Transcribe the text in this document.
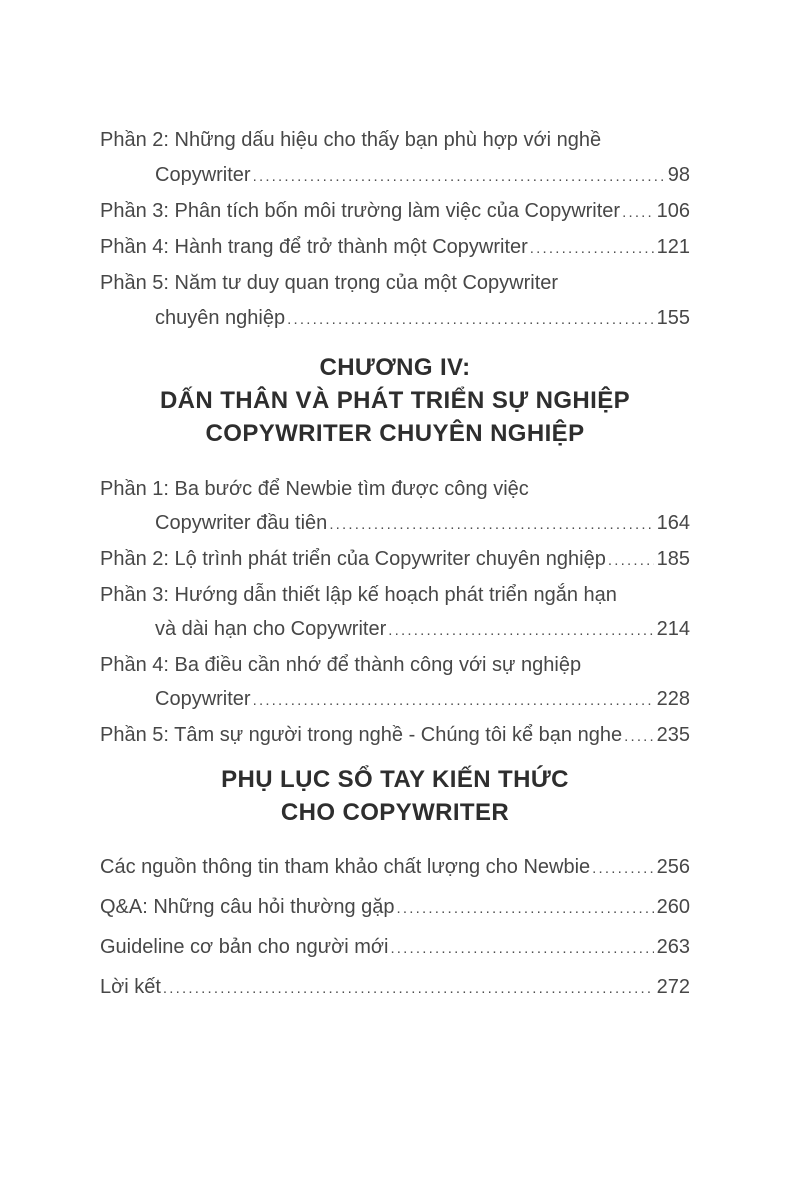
Phần 2: Những dấu hiệu cho thấy bạn phù hợp với nghề
Copywriter .....	98
Phần 3: Phân tích bốn môi trường làm việc của Copywriter ..... 106
Phần 4: Hành trang để trở thành một Copywriter .....	121
Phần 5: Năm tư duy quan trọng của một Copywriter
chuyên nghiệp .....	155
CHƯƠNG IV:
DẤN THÂN VÀ PHÁT TRIỂN SỰ NGHIỆP
COPYWRITER CHUYÊN NGHIỆP
Phần 1: Ba bước để Newbie tìm được công việc
Copywriter đầu tiên .....	164
Phần 2: Lộ trình phát triển của Copywriter chuyên nghiệp .....	185
Phần 3: Hướng dẫn thiết lập kế hoạch phát triển ngắn hạn
và dài hạn cho Copywriter .....	214
Phần 4: Ba điều cần nhớ để thành công với sự nghiệp
Copywriter .....	228
Phần 5: Tâm sự người trong nghề - Chúng tôi kể bạn nghe ..... 235
PHỤ LỤC SỔ TAY KIẾN THỨC
CHO COPYWRITER
Các nguồn thông tin tham khảo chất lượng cho Newbie .....	256
Q&A: Những câu hỏi thường gặp .....	260
Guideline cơ bản cho người mới .....	263
Lời kết .....	272
